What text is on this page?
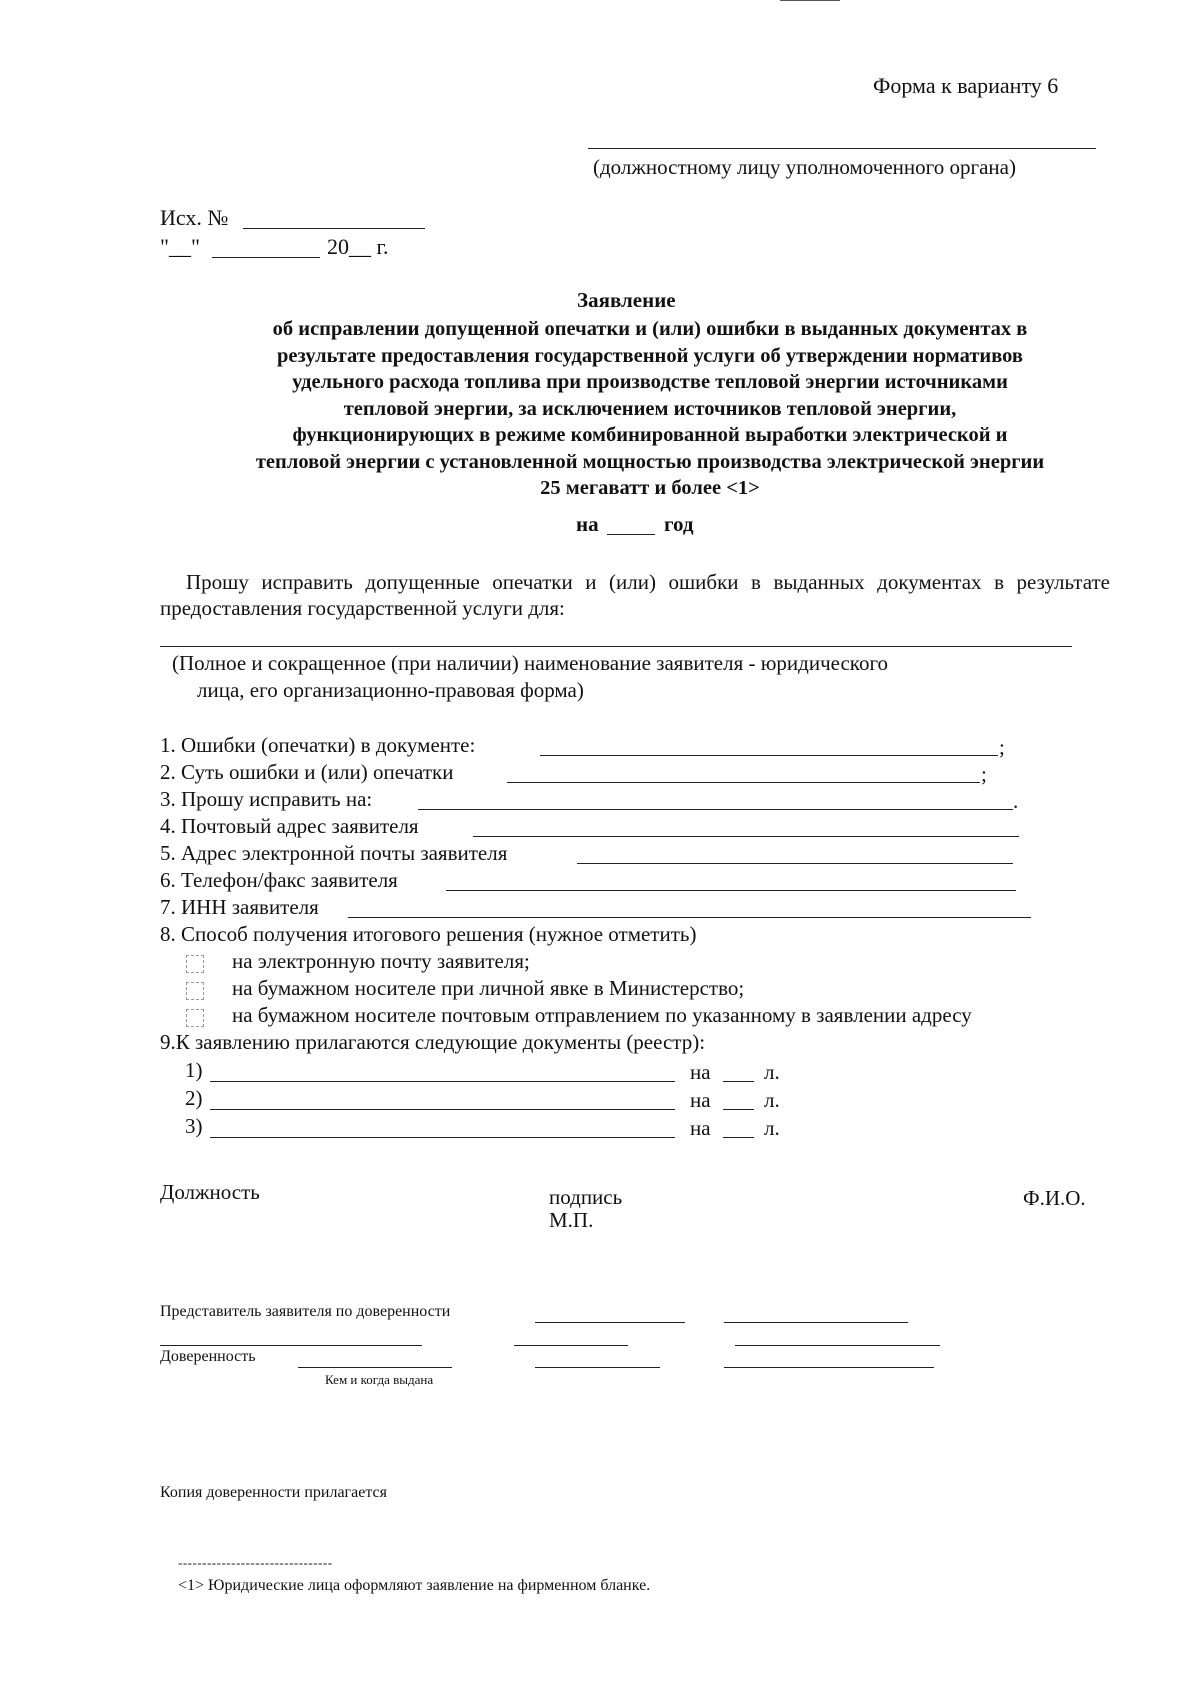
Форма к варианту 6
(должностному лицу уполномоченного органа)
Исх. №
"__"	20__ г.
Заявление
об исправлении допущенной опечатки и (или) ошибки в выданных документах в
результате предоставления государственной услуги об утверждении нормативов
удельного расхода топлива при производстве тепловой энергии источниками
тепловой энергии, за исключением источников тепловой энергии,
функционирующих в режиме комбинированной выработки электрической и
тепловой энергии с установленной мощностью производства электрической энергии
25 мегаватт и более <1>
на	год
Прошу исправить допущенные опечатки и (или) ошибки в выданных документах в результате предоставления государственной услуги для:
(Полное и сокращенное (при наличии) наименование заявителя - юридического
лица, его организационно-правовая форма)
1. Ошибки (опечатки) в документе:	;
2. Суть ошибки и (или) опечатки	;
3. Прошу исправить на:	.
4. Почтовый адрес заявителя
5. Адрес электронной почты заявителя
6. Телефон/факс заявителя
7. ИНН заявителя
8. Способ получения итогового решения (нужное отметить)
на электронную почту заявителя;
на бумажном носителе при личной явке в Министерство;
на бумажном носителе почтовым отправлением по указанному в заявлении адресу
9.К заявлению прилагаются следующие документы (реестр):
1)	на	л.
2)	на	л.
3)	на	л.
Должность	подпись
М.П.
Ф.И.О.
Представитель заявителя по доверенности
Доверенность
Кем и когда выдана
Копия доверенности прилагается
--------------------------------
<1> Юридические лица оформляют заявление на фирменном бланке.
